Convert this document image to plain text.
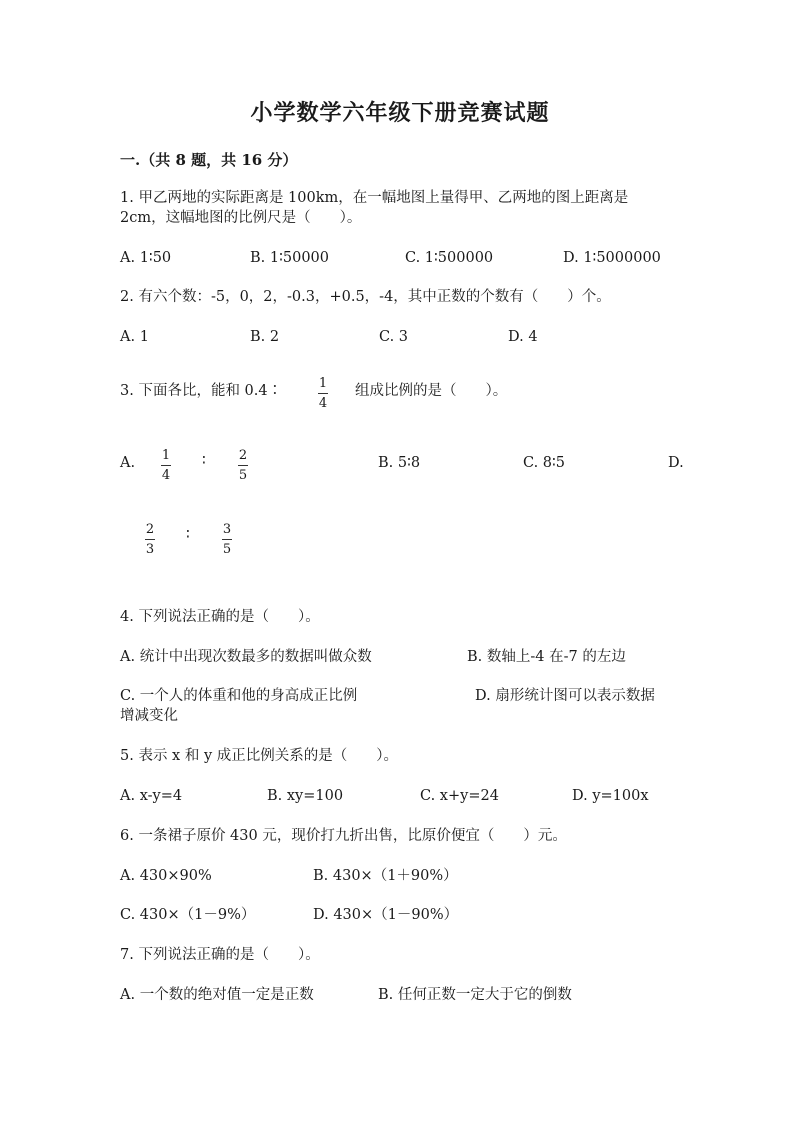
小学数学六年级下册竞赛试题
一.（共 8 题，共 16 分）
1. 甲乙两地的实际距离是 100km，在一幅地图上量得甲、乙两地的图上距离是
2cm，这幅地图的比例尺是（　　）。
A. 1∶50	B. 1∶50000	C. 1∶500000	D. 1∶5000000
2. 有六个数：-5，0，2，-0.3，+0.5，-4，其中正数的个数有（　　）个。
A. 1	B. 2	C. 3	D. 4
3. 下面各比，能和 0.4∶	1
4
组成比例的是（　　）。
A. 1
4
∶	2
5
B. 5∶8	C. 8∶5	D.
2
3
∶	3
5
4. 下列说法正确的是（　　）。
A. 统计中出现次数最多的数据叫做众数	B. 数轴上-4 在-7 的左边
C. 一个人的体重和他的身高成正比例	D. 扇形统计图可以表示数据
增减变化
5. 表示 x 和 y 成正比例关系的是（　　）。
A. x-y=4	B. xy=100	C. x+y=24	D. y=100x
6. 一条裙子原价 430 元，现价打九折出售，比原价便宜（　　）元。
A. 430×90%	B. 430×（1＋90%）
C. 430×（1－9%）	D. 430×（1－90%）
7. 下列说法正确的是（　　）。
A. 一个数的绝对值一定是正数	B. 任何正数一定大于它的倒数
